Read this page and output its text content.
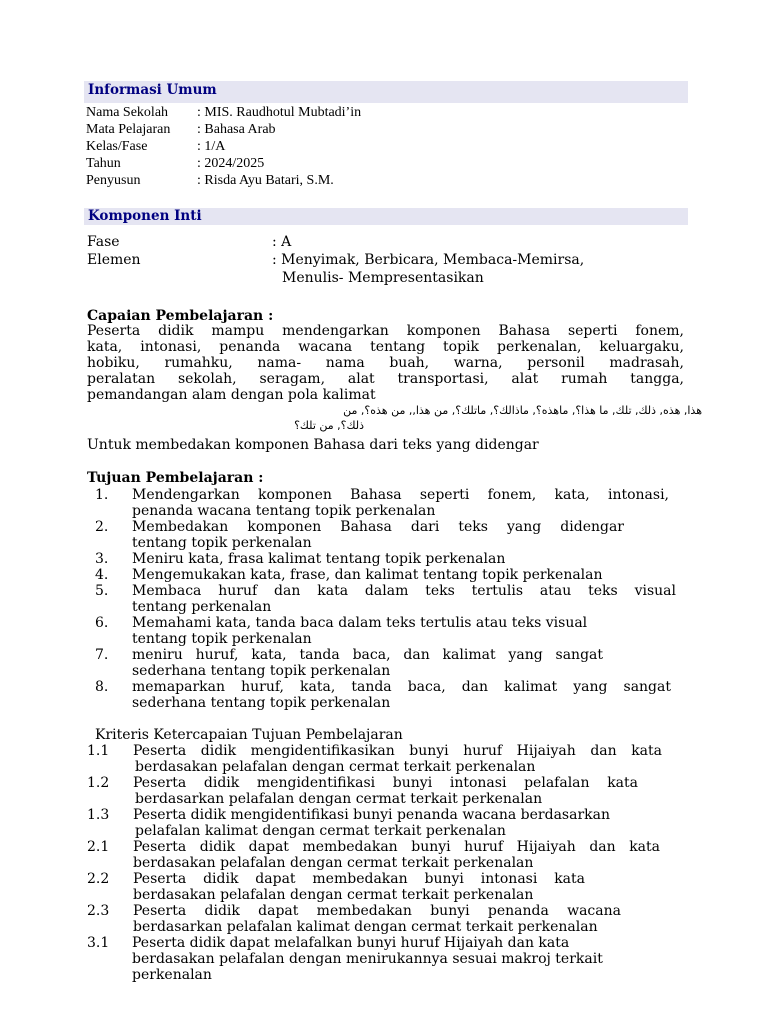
Informasi Umum
Nama Sekolah : MIS. Raudhotul Mubtadi’in
Mata Pelajaran : Bahasa Arab
Kelas/Fase	: 1/A
Tahun	: 2024/2025
Penyusun	: Risda Ayu Batari, S.M.
Komponen Inti
Fase	: A
Elemen	: Menyimak, Berbicara, Membaca-Memirsa,
Menulis- Mempresentasikan
Capaian Pembelajaran :
Peserta didik mampu mendengarkan komponen Bahasa seperti fonem,
kata, intonasi, penanda wacana tentang topik perkenalan, keluargaku,
hobiku, rumahku, nama- nama buah, warna, personil madrasah,
peralatan sekolah, seragam, alat transportasi, alat rumah tangga,
pemandangan alam dengan pola kalimat
هذا, هذه, ذلك, تلك, ما هذا؟, ماهذه؟, ماذالك؟, ماتلك؟, من هذا,, من هذه؟, من
ذلك؟, من تلك؟
Untuk membedakan komponen Bahasa dari teks yang didengar
Tujuan Pembelajaran :
1. Mendengarkan komponen Bahasa seperti fonem, kata, intonasi,
penanda wacana tentang topik perkenalan
2. Membedakan komponen Bahasa dari teks yang didengar
tentang topik perkenalan
3. Meniru kata, frasa kalimat tentang topik perkenalan
4. Mengemukakan kata, frase, dan kalimat tentang topik perkenalan
5. Membaca huruf dan kata dalam teks tertulis atau teks visual
tentang perkenalan
6. Memahami kata, tanda baca dalam teks tertulis atau teks visual
tentang topik perkenalan
7. meniru huruf, kata, tanda baca, dan kalimat yang sangat
sederhana tentang topik perkenalan
8. memaparkan huruf, kata, tanda baca, dan kalimat yang sangat
sederhana tentang topik perkenalan
Kriteris Ketercapaian Tujuan Pembelajaran
1.1 Peserta didik mengidentifikasikan bunyi huruf Hijaiyah dan kata
berdasakan pelafalan dengan cermat terkait perkenalan
1.2 Peserta didik mengidentifikasi bunyi intonasi pelafalan kata
berdasarkan pelafalan dengan cermat terkait perkenalan
1.3 Peserta didik mengidentifikasi bunyi penanda wacana berdasarkan
pelafalan kalimat dengan cermat terkait perkenalan
2.1 Peserta didik dapat membedakan bunyi huruf Hijaiyah dan kata
berdasakan pelafalan dengan cermat terkait perkenalan
2.2 Peserta didik dapat membedakan bunyi intonasi kata
berdasakan pelafalan dengan cermat terkait perkenalan
2.3 Peserta didik dapat membedakan bunyi penanda wacana
berdasarkan pelafalan kalimat dengan cermat terkait perkenalan
3.1 Peserta didik dapat melafalkan bunyi huruf Hijaiyah dan kata
berdasakan pelafalan dengan menirukannya sesuai makroj terkait
perkenalan
